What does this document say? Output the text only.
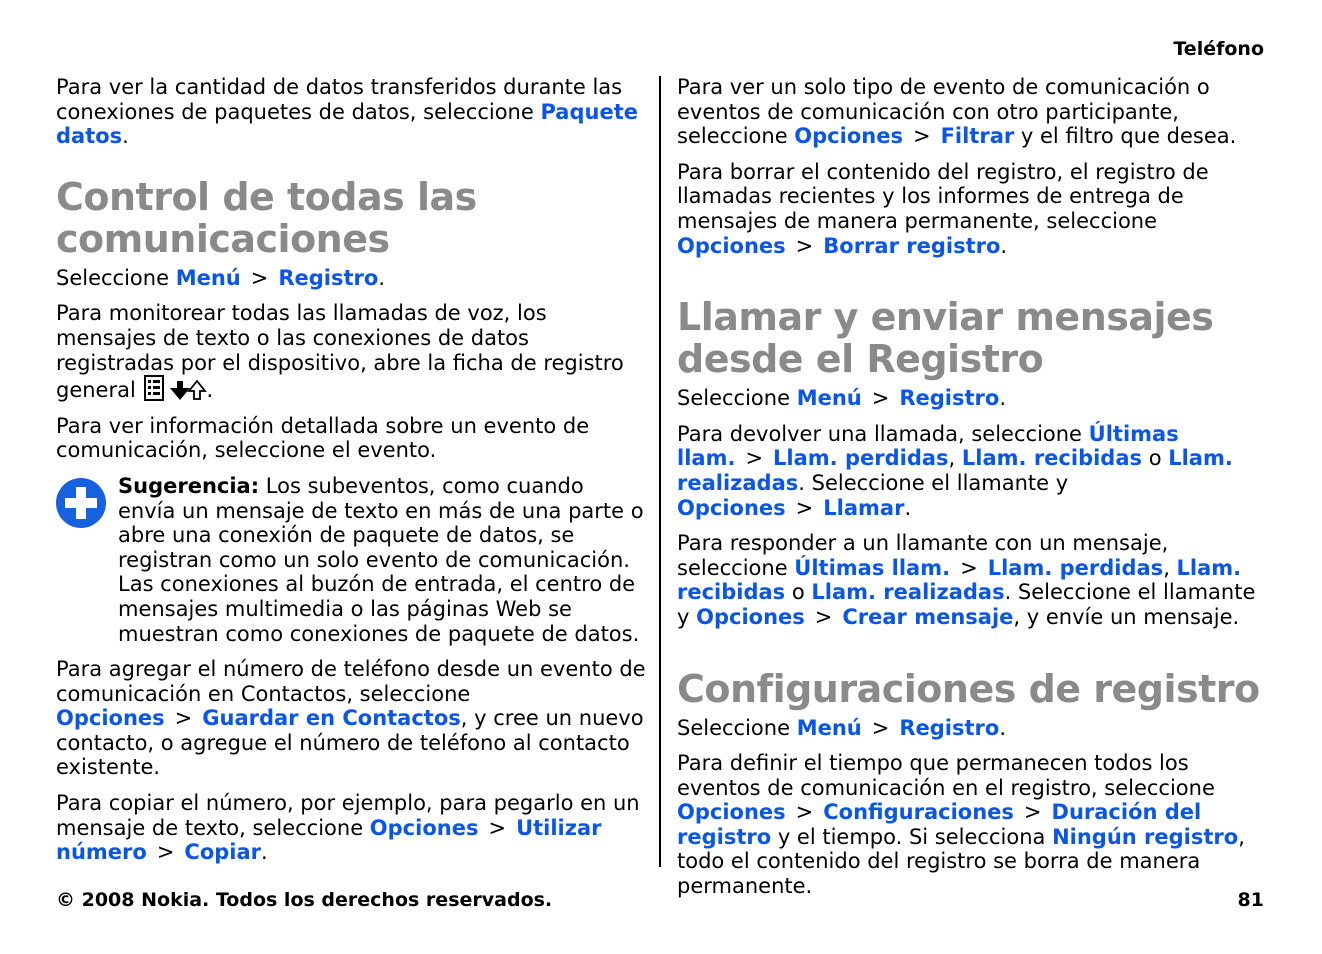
Teléfono

Para ver la cantidad de datos transferidos durante las conexiones de paquetes de datos, seleccione Paquete datos.

Control de todas las comunicaciones

Seleccione Menú > Registro.

Para monitorear todas las llamadas de voz, los mensajes de texto o las conexiones de datos registradas por el dispositivo, abre la ficha de registro general	.

Para ver información detallada sobre un evento de comunicación, seleccione el evento.

Sugerencia: Los subeventos, como cuando envía un mensaje de texto en más de una parte o abre una conexión de paquete de datos, se registran como un solo evento de comunicación. Las conexiones al buzón de entrada, el centro de mensajes multimedia o las páginas Web se muestran como conexiones de paquete de datos.

Para agregar el número de teléfono desde un evento de comunicación en Contactos, seleccione Opciones > Guardar en Contactos, y cree un nuevo contacto, o agregue el número de teléfono al contacto existente.

Para copiar el número, por ejemplo, para pegarlo en un mensaje de texto, seleccione Opciones > Utilizar número > Copiar.

Para ver un solo tipo de evento de comunicación o eventos de comunicación con otro participante, seleccione Opciones > Filtrar y el filtro que desea.

Para borrar el contenido del registro, el registro de llamadas recientes y los informes de entrega de mensajes de manera permanente, seleccione Opciones > Borrar registro.

Llamar y enviar mensajes desde el Registro

Seleccione Menú > Registro.

Para devolver una llamada, seleccione Últimas llam. > Llam. perdidas, Llam. recibidas o Llam. realizadas. Seleccione el llamante y Opciones > Llamar.

Para responder a un llamante con un mensaje, seleccione Últimas llam. > Llam. perdidas, Llam. recibidas o Llam. realizadas. Seleccione el llamante y Opciones > Crear mensaje, y envíe un mensaje.

Configuraciones de registro

Seleccione Menú > Registro.

Para definir el tiempo que permanecen todos los eventos de comunicación en el registro, seleccione Opciones > Configuraciones > Duración del registro y el tiempo. Si selecciona Ningún registro, todo el contenido del registro se borra de manera permanente.

© 2008 Nokia. Todos los derechos reservados.	81
